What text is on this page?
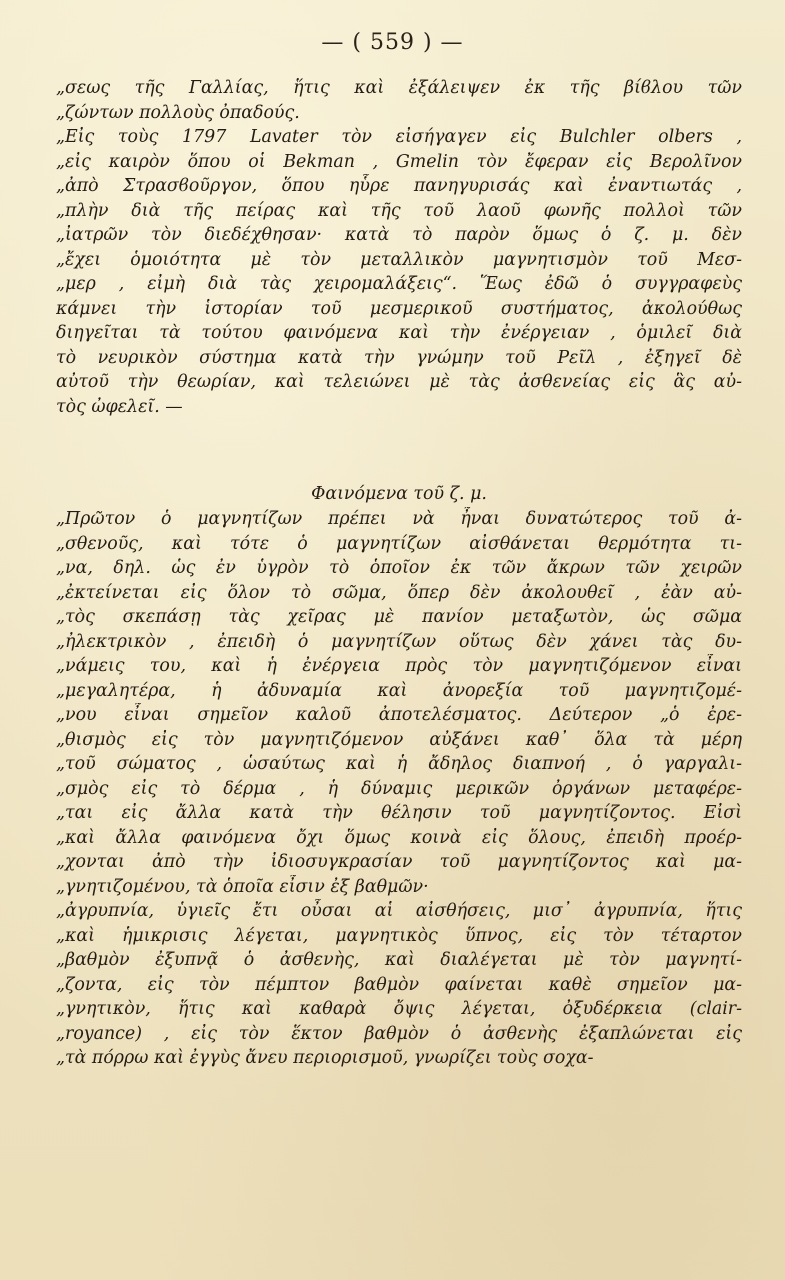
— ( 559 ) —
„σεως τῆς Γαλλίας, ἥτις καὶ ἐξάλειψεν ἐκ τῆς βίϐλου τῶν
„ζώντων πολλοὺς ὀπαδούς.
„Εἰς τοὺς 1797 Lavater τὸν εἰσήγαγεν εἰς Bulchler olbers ,
„εἰς καιρὸν ὅπου οἱ Bekman , Gmelin τὸν ἔφεραν εἰς Βερολῖνον
„ἀπὸ Στρασϐοῦργον, ὅπου ηὗρε πανηγυρισάς καὶ ἐναντιωτάς ,
„πλὴν διὰ τῆς πείρας καὶ τῆς τοῦ λαοῦ φωνῆς πολλοὶ τῶν
„ἰατρῶν τὸν διεδέχθησαν· κατὰ τὸ παρὸν ὅμως ὁ ζ. μ. δὲν
„ἔχει ὁμοιότητα μὲ τὸν μεταλλικὸν μαγνητισμὸν τοῦ Μεσ-
„μερ , εἰμὴ διὰ τὰς χειρομαλάξεις“. Ἕως ἐδῶ ὁ συγγραφεὺς
κάμνει τὴν ἱστορίαν τοῦ μεσμερικοῦ συστήματος, ἀκολούθως
διηγεῖται τὰ τούτου φαινόμενα καὶ τὴν ἐνέργειαν , ὁμιλεῖ διὰ
τὸ νευρικὸν σύστημα κατὰ τὴν γνώμην τοῦ Ρεῖλ , ἐξηγεῖ δὲ
αὐτοῦ τὴν θεωρίαν, καὶ τελειώνει μὲ τὰς ἀσθενείας εἰς ἃς αὐ-
τὸς ὠφελεῖ. —
Φαινόμενα τοῦ ζ. μ.
„Πρῶτον ὁ μαγνητίζων πρέπει νὰ ἦναι δυνατώτερος τοῦ ἀ-
„σθενοῦς, καὶ τότε ὁ μαγνητίζων αἰσθάνεται θερμότητα τι-
„να, δηλ. ὡς ἐν ὑγρὸν τὸ ὁποῖον ἐκ τῶν ἄκρων τῶν χειρῶν
„ἐκτείνεται εἰς ὅλον τὸ σῶμα, ὅπερ δὲν ἀκολουθεῖ , ἐὰν αὐ-
„τὸς σκεπάσῃ τὰς χεῖρας μὲ πανίον μεταξωτὸν, ὡς σῶμα
„ἠλεκτρικὸν , ἐπειδὴ ὁ μαγνητίζων οὕτως δὲν χάνει τὰς δυ-
„νάμεις του, καὶ ἡ ἐνέργεια πρὸς τὸν μαγνητιζόμενον εἶναι
„μεγαλητέρα, ἡ ἀδυναμία καὶ ἀνορεξία τοῦ μαγνητιζομέ-
„νου εἶναι σημεῖον καλοῦ ἀποτελέσματος. Δεύτερον „ὁ ἐρε-
„θισμὸς εἰς τὸν μαγνητιζόμενον αὐξάνει καθ᾽ ὅλα τὰ μέρη
„τοῦ σώματος , ὡσαύτως καὶ ἡ ἄδηλος διαπνοή , ὁ γαργαλι-
„σμὸς εἰς τὸ δέρμα , ἡ δύναμις μερικῶν ὀργάνων μεταφέρε-
„ται εἰς ἄλλα κατὰ τὴν θέλησιν τοῦ μαγνητίζοντος. Εἰσὶ
„καὶ ἄλλα φαινόμενα ὄχι ὅμως κοινὰ εἰς ὅλους, ἐπειδὴ προέρ-
„χονται ἀπὸ τὴν ἰδιοσυγκρασίαν τοῦ μαγνητίζοντος καὶ μα-
„γνητιζομένου, τὰ ὁποῖα εἶσιν ἐξ βαθμῶν·
„ἀγρυπνία, ὑγιεῖς ἔτι οὖσαι αἱ αἰσθήσεις, μισ᾽ ἀγρυπνία, ἥτις
„καὶ ἡμικρισις λέγεται, μαγνητικὸς ὕπνος, εἰς τὸν τέταρτον
„βαθμὸν ἐξυπνᾷ ὁ ἀσθενὴς, καὶ διαλέγεται μὲ τὸν μαγνητί-
„ζοντα, εἰς τὸν πέμπτον βαθμὸν φαίνεται καθὲ σημεῖον μα-
„γνητικὸν, ἥτις καὶ καθαρὰ ὄψις λέγεται, ὀξυδέρκεια (clair-
„royance) , εἰς τὸν ἕκτον βαθμὸν ὁ ἀσθενὴς ἐξαπλώνεται εἰς
„τὰ πόρρω καὶ ἐγγὺς ἄνευ περιορισμοῦ, γνωρίζει τοὺς σοχα-
